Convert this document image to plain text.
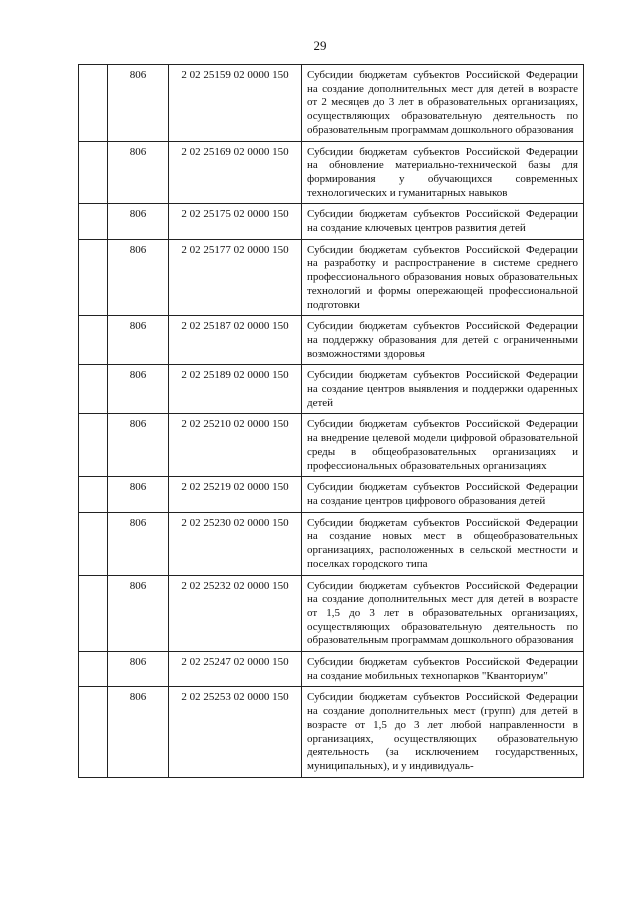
29
	806	2 02 25159 02 0000 150	Субсидии бюджетам субъектов Российской Федерации на создание дополнительных мест для детей в возрасте от 2 месяцев до 3 лет в образовательных организациях, осуществляющих образовательную деятельность по образовательным программам дошкольного образования
	806	2 02 25169 02 0000 150	Субсидии бюджетам субъектов Российской Федерации на обновление материально-технической базы для формирования у обучающихся современных технологических и гуманитарных навыков
	806	2 02 25175 02 0000 150	Субсидии бюджетам субъектов Российской Федерации на создание ключевых центров развития детей
	806	2 02 25177 02 0000 150	Субсидии бюджетам субъектов Российской Федерации на разработку и распространение в системе среднего профессионального образования новых образовательных технологий и формы опережающей профессиональной подготовки
	806	2 02 25187 02 0000 150	Субсидии бюджетам субъектов Российской Федерации на поддержку образования для детей с ограниченными возможностями здоровья
	806	2 02 25189 02 0000 150	Субсидии бюджетам субъектов Российской Федерации на создание центров выявления и поддержки одаренных детей
	806	2 02 25210 02 0000 150	Субсидии бюджетам субъектов Российской Федерации на внедрение целевой модели цифровой образовательной среды в общеобразовательных организациях и профессиональных образовательных организациях
	806	2 02 25219 02 0000 150	Субсидии бюджетам субъектов Российской Федерации на создание центров цифрового образования детей
	806	2 02 25230 02 0000 150	Субсидии бюджетам субъектов Российской Федерации на создание новых мест в общеобразовательных организациях, расположенных в сельской местности и поселках городского типа
	806	2 02 25232 02 0000 150	Субсидии бюджетам субъектов Российской Федерации на создание дополнительных мест для детей в возрасте от 1,5 до 3 лет в образовательных организациях, осуществляющих образовательную деятельность по образовательным программам дошкольного образования
	806	2 02 25247 02 0000 150	Субсидии бюджетам субъектов Российской Федерации на создание мобильных технопарков "Кванториум"
	806	2 02 25253 02 0000 150	Субсидии бюджетам субъектов Российской Федерации на создание дополнительных мест (групп) для детей в возрасте от 1,5 до 3 лет любой направленности в организациях, осуществляющих образовательную деятельность (за исключением государственных, муниципальных), и у индивидуаль-
